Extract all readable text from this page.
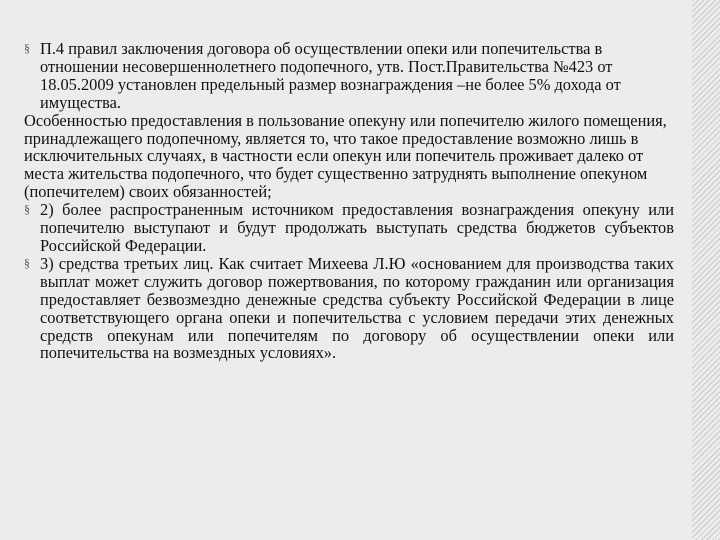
§ П.4 правил заключения договора об осуществлении опеки или попечительства в отношении несовершеннолетнего подопечного, утв. Пост.Правительства №423 от 18.05.2009 установлен предельный размер вознаграждения –не более 5% дохода от имущества.

Особенностью предоставления в пользование опекуну или попечителю жилого помещения, принадлежащего подопечному, является то, что такое предоставление возможно лишь в исключительных случаях, в частности если опекун или попечитель проживает далеко от места жительства подопечного, что будет существенно затруднять выполнение опекуном (попечителем) своих обязанностей;

§ 2) более распространенным источником предоставления вознаграждения опекуну или попечителю выступают и будут продолжать выступать средства бюджетов субъектов Российской Федерации.
§ 3) средства третьих лиц. Как считает Михеева Л.Ю «основанием для производства таких выплат может служить договор пожертвования, по которому гражданин или организация предоставляет безвозмездно денежные средства субъекту Российской Федерации в лице соответствующего органа опеки и попечительства с условием передачи этих денежных средств опекунам или попечителям по договору об осуществлении опеки или попечительства на возмездных условиях».
